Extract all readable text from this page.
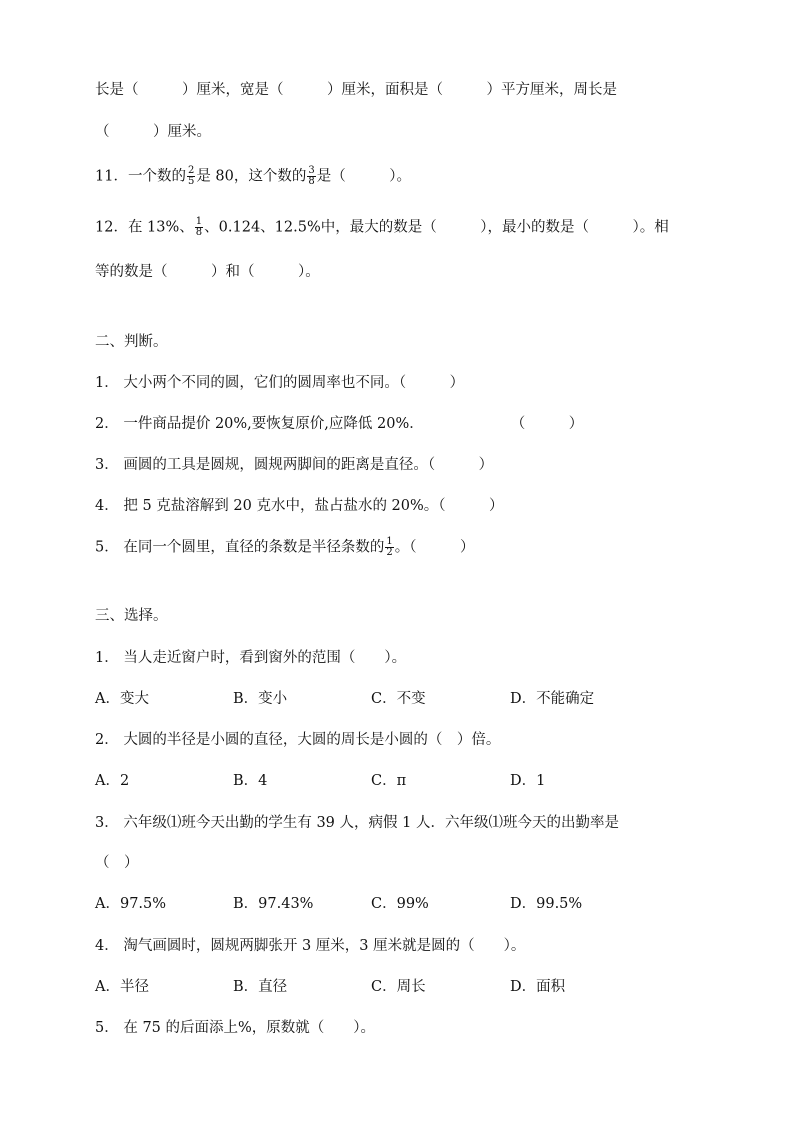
长是（　　　）厘米，宽是（　　　）厘米，面积是（　　　）平方厘米，周长是
（　　　）厘米。
11．一个数的 $\frac{2}{5}$ 是 80，这个数的 $\frac{3}{8}$ 是（　　　）。
12．在 13%、 $\frac{1}{8}$ 、0.124、12.5%中，最大的数是（　　　），最小的数是（　　　）。相
等的数是（　　　）和（　　　）。
二、判断。
1． 大小两个不同的圆，它们的圆周率也不同。（　　　）
2． 一件商品提价 20%,要恢复原价,应降低 20%．　　　　　　　（　　　）
3． 画圆的工具是圆规，圆规两脚间的距离是直径。（　　　）
4． 把 5 克盐溶解到 20 克水中，盐占盐水的 20%。（　　　）
5． 在同一个圆里，直径的条数是半径条数的 $\frac{1}{2}$ 。（　　　）
三、选择。
1． 当人走近窗户时，看到窗外的范围（　　）。
A．变大	B．变小	C．不变	D．不能确定
2． 大圆的半径是小圆的直径，大圆的周长是小圆的（　）倍。
A．2	B．4	C．π	D．1
3． 六年级⑴班今天出勤的学生有 39 人，病假 1 人．六年级⑴班今天的出勤率是
（　）
A．97.5%	B．97.43%	C．99%	D．99.5%
4． 淘气画圆时，圆规两脚张开 3 厘米，3 厘米就是圆的（　　）。
A．半径	B．直径	C．周长	D．面积
5． 在 75 的后面添上%，原数就（　　）。
